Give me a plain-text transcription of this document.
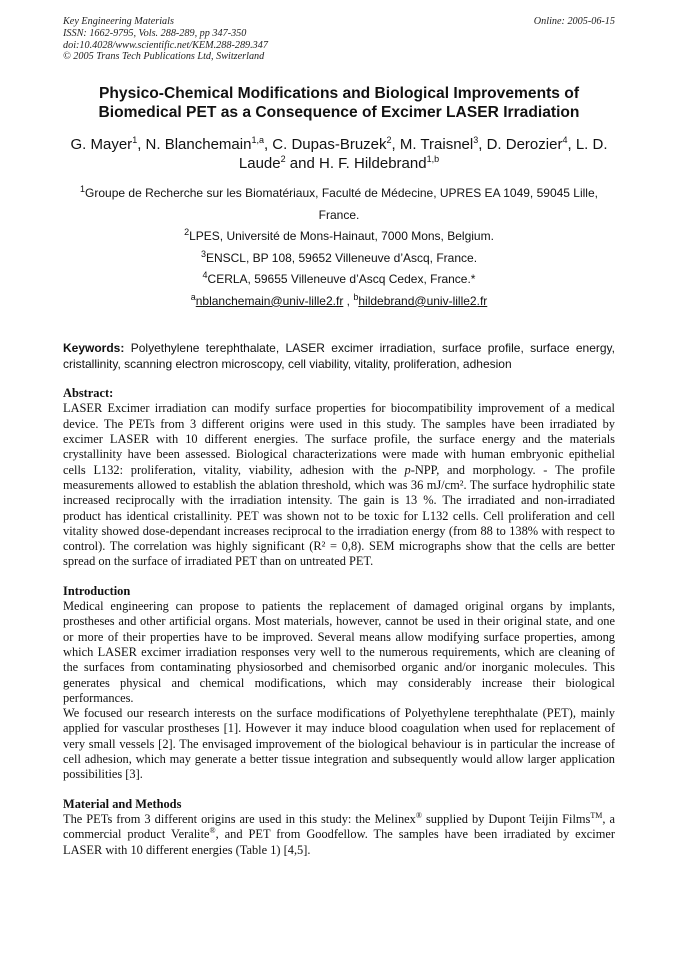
Key Engineering Materials
ISSN: 1662-9795, Vols. 288-289, pp 347-350
doi:10.4028/www.scientific.net/KEM.288-289.347
© 2005 Trans Tech Publications Ltd, Switzerland
Online: 2005-06-15
Physico-Chemical Modifications and Biological Improvements of Biomedical PET as a Consequence of Excimer LASER Irradiation
G. Mayer$^1$, N. Blanchemain$^{1,a}$, C. Dupas-Bruzek$^2$, M. Traisnel$^3$, D. Derozier$^4$, L. D. Laude$^2$ and H. F. Hildebrand$^{1,b}$
$^1$Groupe de Recherche sur les Biomatériaux, Faculté de Médecine, UPRES EA 1049, 59045 Lille, France.
$^2$LPES, Université de Mons-Hainaut, 7000 Mons, Belgium.
$^3$ENSCL, BP 108, 59652 Villeneuve d’Ascq, France.
$^4$CERLA, 59655 Villeneuve d’Ascq Cedex, France.*
$^a$nblanchemain@univ-lille2.fr , $^b$hildebrand@univ-lille2.fr
Keywords: Polyethylene terephthalate, LASER excimer irradiation, surface profile, surface energy, cristallinity, scanning electron microscopy, cell viability, vitality, proliferation, adhesion
Abstract:

LASER Excimer irradiation can modify surface properties for biocompatibility improvement of a medical device. The PETs from 3 different origins were used in this study. The samples have been irradiated by excimer LASER with 10 different energies. The surface profile, the surface energy and the materials crystallinity have been assessed. Biological characterizations were made with human embryonic epithelial cells L132: proliferation, vitality, viability, adhesion with the p-NPP, and morphology. - The profile measurements allowed to establish the ablation threshold, which was 36 mJ/cm². The surface hydrophilic state increased reciprocally with the irradiation intensity. The gain is 13 %. The irradiated and non-irradiated product has identical cristallinity. PET was shown not to be toxic for L132 cells. Cell proliferation and cell vitality showed dose-dependant increases reciprocal to the irradiation energy (from 88 to 138% with respect to control). The correlation was highly significant (R² = 0,8). SEM micrographs show that the cells are better spread on the surface of irradiated PET than on untreated PET.

Introduction

Medical engineering can propose to patients the replacement of damaged original organs by implants, prostheses and other artificial organs. Most materials, however, cannot be used in their original state, and one or more of their properties have to be improved. Several means allow modifying surface properties, among which LASER excimer irradiation responses very well to the numerous requirements, which are cleaning of the surfaces from contaminating physiosorbed and chemisorbed organic and/or inorganic molecules. This generates physical and chemical modifications, which may considerably increase their biological performances.

We focused our research interests on the surface modifications of Polyethylene terephthalate (PET), mainly applied for vascular prostheses [1]. However it may induce blood coagulation when used for replacement of very small vessels [2]. The envisaged improvement of the biological behaviour is in particular the increase of cell adhesion, which may generate a better tissue integration and subsequently would allow larger application possibilities [3].

Material and Methods

The PETs from 3 different origins are used in this study: the Melinex® supplied by Dupont Teijin Films™, a commercial product Veralite®, and PET from Goodfellow. The samples have been irradiated by excimer LASER with 10 different energies (Table 1) [4,5].
